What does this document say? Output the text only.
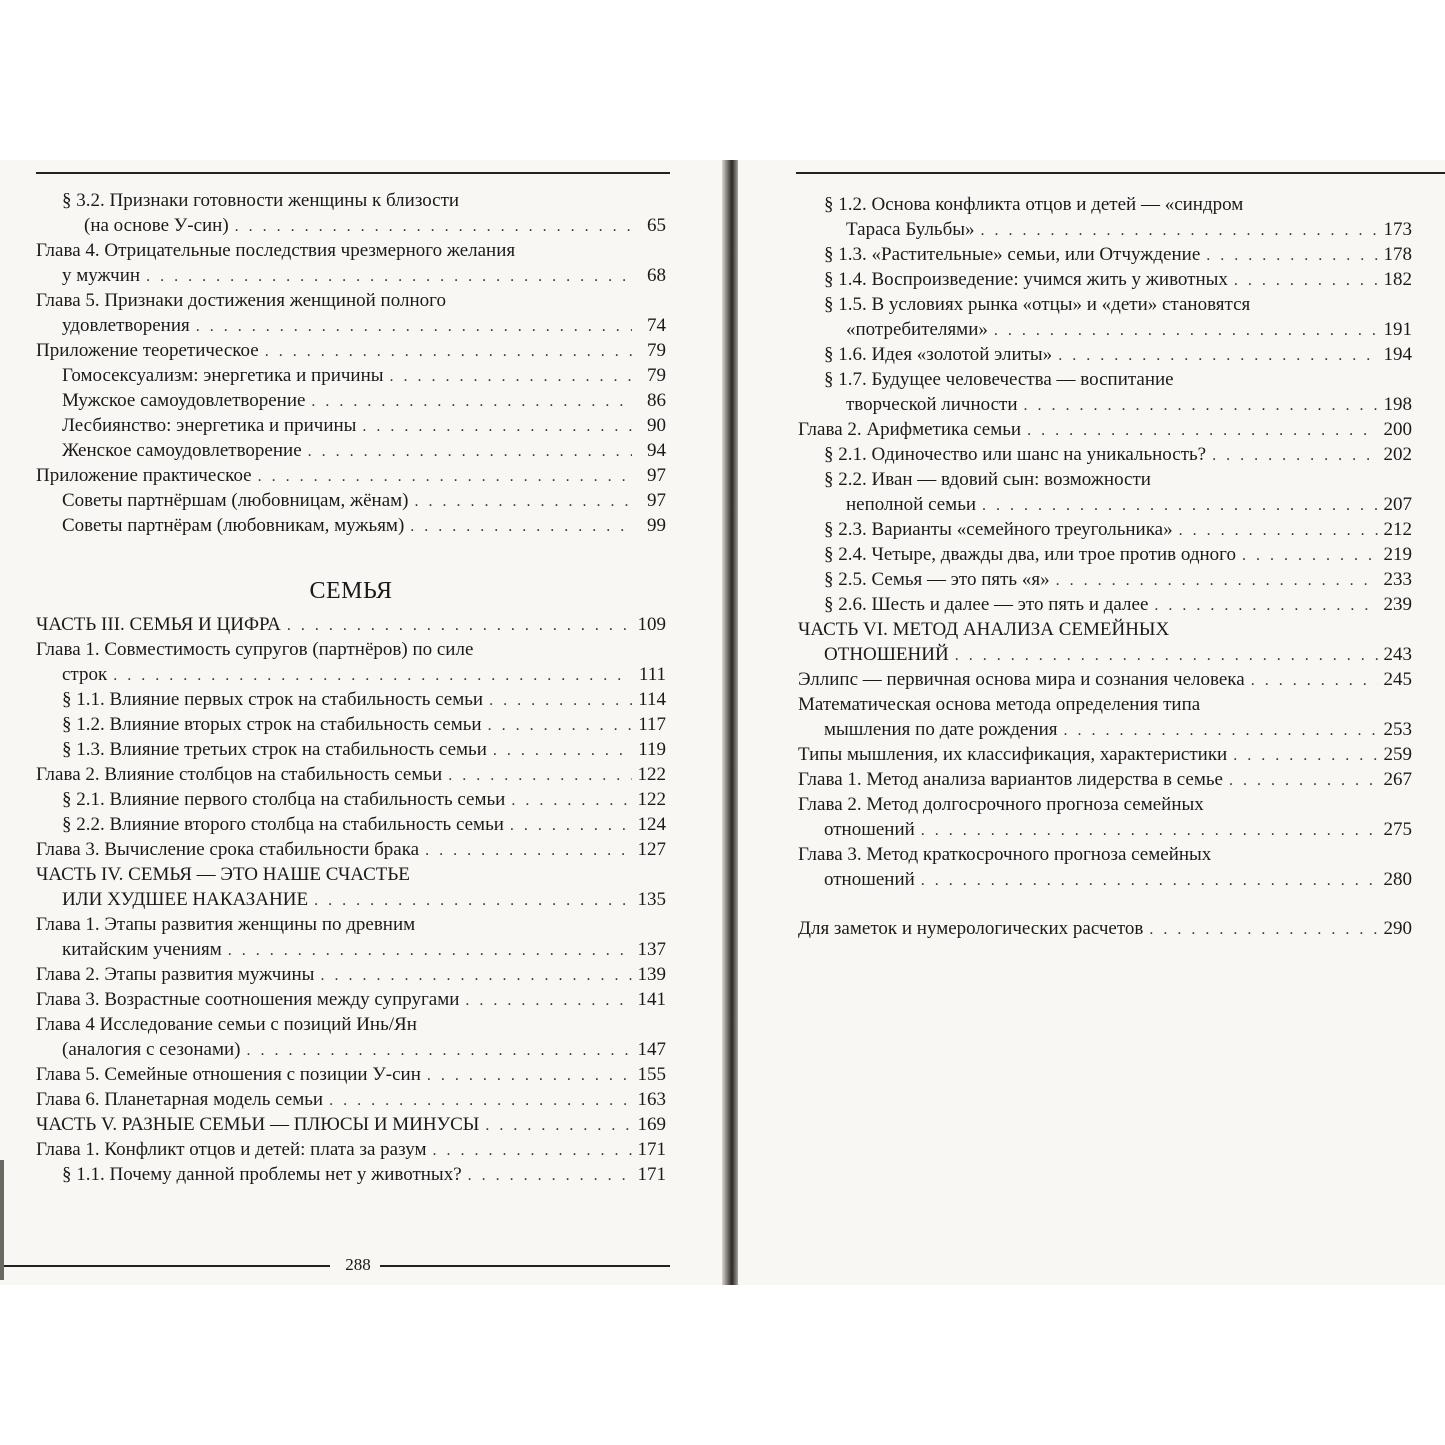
§ 3.2. Признаки готовности женщины к близости
(на основе У-син) . . .	65
Глава 4. Отрицательные последствия чрезмерного желания
у мужчин . . .	68
Глава 5. Признаки достижения женщиной полного
удовлетворения . . .	74
Приложение теоретическое . . .	79
Гомосексуализм: энергетика и причины . . .	79
Мужское самоудовлетворение . . .	86
Лесбиянство: энергетика и причины . . .	90
Женское самоудовлетворение . . .	94
Приложение практическое . . .	97
Советы партнёршам (любовницам, жёнам) . . .	97
Советы партнёрам (любовникам, мужьям) . . .	99
СЕМЬЯ
ЧАСТЬ III. СЕМЬЯ И ЦИФРА . . .	109
Глава 1. Совместимость супругов (партнёров) по силе
строк . . .	111
§ 1.1. Влияние первых строк на стабильность семьи . . .	114
§ 1.2. Влияние вторых строк на стабильность семьи . . .	117
§ 1.3. Влияние третьих строк на стабильность семьи . . .	119
Глава 2. Влияние столбцов на стабильность семьи . . .	122
§ 2.1. Влияние первого столбца на стабильность семьи . . .	122
§ 2.2. Влияние второго столбца на стабильность семьи . . .	124
Глава 3. Вычисление срока стабильности брака . . .	127
ЧАСТЬ IV. СЕМЬЯ — ЭТО НАШЕ СЧАСТЬЕ
ИЛИ ХУДШЕЕ НАКАЗАНИЕ . . .	135
Глава 1. Этапы развития женщины по древним
китайским учениям . . .	137
Глава 2. Этапы развития мужчины . . .	139
Глава 3. Возрастные соотношения между супругами . . .	141
Глава 4 Исследование семьи с позиций Инь/Ян
(аналогия с сезонами) . . .	147
Глава 5. Семейные отношения с позиции У-син . . .	155
Глава 6. Планетарная модель семьи . . .	163
ЧАСТЬ V. РАЗНЫЕ СЕМЬИ — ПЛЮСЫ И МИНУСЫ . . .	169
Глава 1. Конфликт отцов и детей: плата за разум . . .	171
§ 1.1. Почему данной проблемы нет у животных? . . .	171
288
§ 1.2. Основа конфликта отцов и детей — «синдром
Тараса Бульбы» . . .	173
§ 1.3. «Растительные» семьи, или Отчуждение . . .	178
§ 1.4. Воспроизведение: учимся жить у животных . . .	182
§ 1.5. В условиях рынка «отцы» и «дети» становятся
«потребителями» . . .	191
§ 1.6. Идея «золотой элиты» . . .	194
§ 1.7. Будущее человечества — воспитание
творческой личности . . .	198
Глава 2. Арифметика семьи . . .	200
§ 2.1. Одиночество или шанс на уникальность? . . .	202
§ 2.2. Иван — вдовий сын: возможности
неполной семьи . . .	207
§ 2.3. Варианты «семейного треугольника» . . .	212
§ 2.4. Четыре, дважды два, или трое против одного . . .	219
§ 2.5. Семья — это пять «я» . . .	233
§ 2.6. Шесть и далее — это пять и далее . . .	239
ЧАСТЬ VI. МЕТОД АНАЛИЗА СЕМЕЙНЫХ
ОТНОШЕНИЙ . . .	243
Эллипс — первичная основа мира и сознания человека . . .	245
Математическая основа метода определения типа
мышления по дате рождения . . .	253
Типы мышления, их классификация, характеристики . . .	259
Глава 1. Метод анализа вариантов лидерства в семье . . .	267
Глава 2. Метод долгосрочного прогноза семейных
отношений . . .	275
Глава 3. Метод краткосрочного прогноза семейных
отношений . . .	280
Для заметок и нумерологических расчетов . . .	290
